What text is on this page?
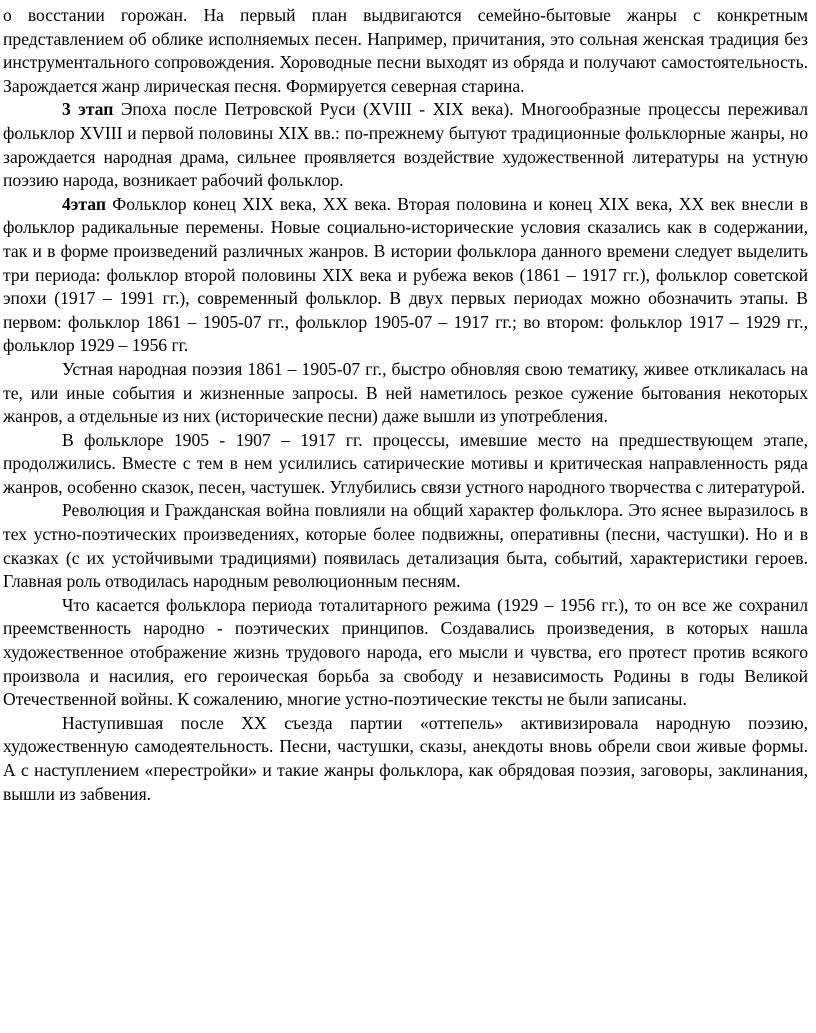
о восстании горожан. На первый план выдвигаются семейно-бытовые жанры с конкретным представлением об облике исполняемых песен. Например, причитания, это сольная женская традиция без инструментального сопровождения. Хороводные песни выходят из обряда и получают самостоятельность. Зарождается жанр лирическая песня. Формируется северная старина.

3 этап Эпоха после Петровской Руси (XVIII - XIX века). Многообразные процессы переживал фольклор XVIII и первой половины XIX вв.: по-прежнему бытуют традиционные фольклорные жанры, но зарождается народная драма, сильнее проявляется воздействие художественной литературы на устную поэзию народа, возникает рабочий фольклор.

4этап Фольклор конец XIX века, XX века. Вторая половина и конец XIX века, XX век внесли в фольклор радикальные перемены. Новые социально-исторические условия сказались как в содержании, так и в форме произведений различных жанров. В истории фольклора данного времени следует выделить три периода: фольклор второй половины XIX века и рубежа веков (1861 – 1917 гг.), фольклор советской эпохи (1917 – 1991 гг.), современный фольклор. В двух первых периодах можно обозначить этапы. В первом: фольклор 1861 – 1905-07 гг., фольклор 1905-07 – 1917 гг.; во втором: фольклор 1917 – 1929 гг., фольклор 1929 – 1956 гг.

Устная народная поэзия 1861 – 1905-07 гг., быстро обновляя свою тематику, живее откликалась на те, или иные события и жизненные запросы. В ней наметилось резкое сужение бытования некоторых жанров, а отдельные из них (исторические песни) даже вышли из употребления.

В фольклоре 1905 - 1907 – 1917 гг. процессы, имевшие место на предшествующем этапе, продолжились. Вместе с тем в нем усилились сатирические мотивы и критическая направленность ряда жанров, особенно сказок, песен, частушек. Углубились связи устного народного творчества с литературой.

Революция и Гражданская война повлияли на общий характер фольклора. Это яснее выразилось в тех устно-поэтических произведениях, которые более подвижны, оперативны (песни, частушки). Но и в сказках (с их устойчивыми традициями) появилась детализация быта, событий, характеристики героев. Главная роль отводилась народным революционным песням.

Что касается фольклора периода тоталитарного режима (1929 – 1956 гг.), то он все же сохранил преемственность народно - поэтических принципов. Создавались произведения, в которых нашла художественное отображение жизнь трудового народа, его мысли и чувства, его протест против всякого произвола и насилия, его героическая борьба за свободу и независимость Родины в годы Великой Отечественной войны. К сожалению, многие устно-поэтические тексты не были записаны.

Наступившая после XX съезда партии «оттепель» активизировала народную поэзию, художественную самодеятельность. Песни, частушки, сказы, анекдоты вновь обрели свои живые формы. А с наступлением «перестройки» и такие жанры фольклора, как обрядовая поэзия, заговоры, заклинания, вышли из забвения.
